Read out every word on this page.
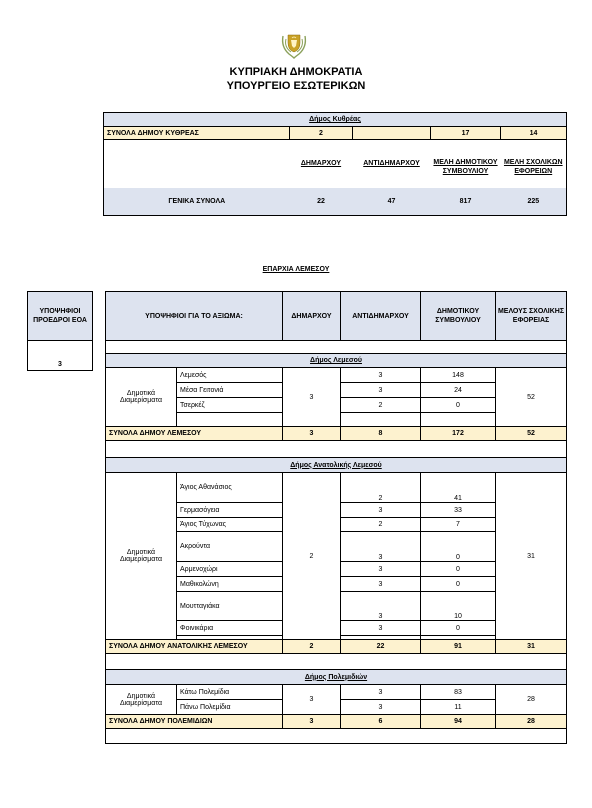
ΚΥΠΡΙΑΚΗ ΔΗΜΟΚΡΑΤΙΑ
ΥΠΟΥΡΓΕΙΟ ΕΣΩΤΕΡΙΚΩΝ
Δήμος Κυθρέας				
ΣΥΝΟΛΑ ΔΗΜΟΥ ΚΥΘΡΕΑΣ	2		17	14
	ΔΗΜΑΡΧΟΥ	ΑΝΤΙΔΗΜΑΡΧΟΥ	ΜΕΛΗ ΔΗΜΟΤΙΚΟΥ ΣΥΜΒΟΥΛΙΟΥ	ΜΕΛΗ ΣΧΟΛΙΚΩΝ ΕΦΟΡΕΙΩΝ
ΓΕΝΙΚΑ ΣΥΝΟΛΑ	22	47	817	225
ΕΠΑΡΧΙΑ ΛΕΜΕΣΟΥ
ΥΠΟΨΗΦΙΟΙ ΠΡΟΕΔΡΟΙ ΕΟΑ
3
ΥΠΟΨΗΦΙΟΙ ΓΙΑ ΤΟ ΑΞΙΩΜΑ:		ΔΗΜΑΡΧΟΥ	ΑΝΤΙΔΗΜΑΡΧΟΥ	ΔΗΜΟΤΙΚΟΥ ΣΥΜΒΟΥΛΙΟΥ	ΜΕΛΟΥΣ ΣΧΟΛΙΚΗΣ ΕΦΟΡΕΙΑΣ

Δήμος Λεμεσού					
Δημοτικά Διαμερίσματα	Λεμεσός	3	3	148	52
	Μέσα Γειτονιά		3	24	
	Τσερκέζ		2	0	

ΣΥΝΟΛΑ ΔΗΜΟΥ ΛΕΜΕΣΟΥ		3	8	172	52

Δήμος Ανατολικής Λεμεσού					
Δημοτικά Διαμερίσματα	Άγιος Αθανάσιος	2	2	41	31
	Γερμασόγεια		3	33	
	Άγιος Τύχωνας		2	7	
	Ακρούντα		3	0	
	Αρμενοχώρι		3	0	
	Μαθικολώνη		3	0	
	Μουτταγιάκα		3	10	
	Φοινικάρια		3	0	

ΣΥΝΟΛΑ ΔΗΜΟΥ ΑΝΑΤΟΛΙΚΗΣ ΛΕΜΕΣΟΥ		2	22	91	31

Δήμος Πολεμιδιών					
Δημοτικά Διαμερίσματα	Κάτω Πολεμίδια	3	3	83	28
	Πάνω Πολεμίδια		3	11	
ΣΥΝΟΛΑ ΔΗΜΟΥ ΠΟΛΕΜΙΔΙΩΝ		3	6	94	28
